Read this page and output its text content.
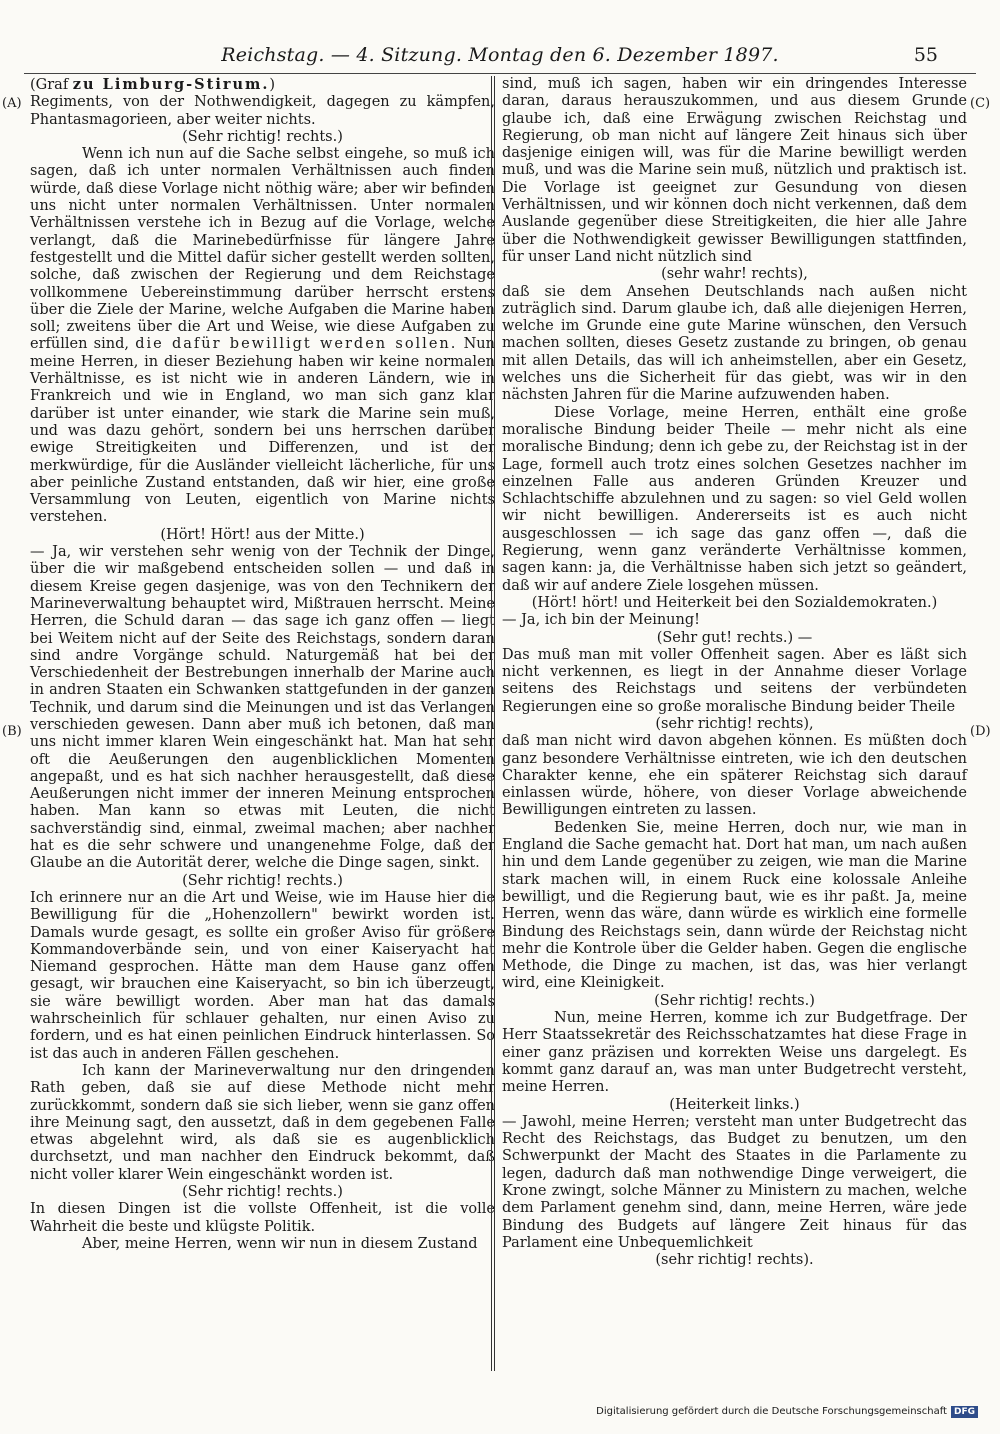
Reichstag. — 4. Sitzung. Montag den 6. Dezember 1897.	55
(A)
(B)
(C)
(D)

(Graf zu Limburg-Stirum.)

Regiments, von der Nothwendigkeit, dagegen zu kämpfen, Phantasmagorieen, aber weiter nichts.

(Sehr richtig! rechts.)

Wenn ich nun auf die Sache selbst eingehe, so muß ich sagen, daß ich unter normalen Verhältnissen auch finden würde, daß diese Vorlage nicht nöthig wäre; aber wir befinden uns nicht unter normalen Verhältnissen. Unter normalen Verhältnissen verstehe ich in Bezug auf die Vorlage, welche verlangt, daß die Marinebedürfnisse für längere Jahre festgestellt und die Mittel dafür sicher gestellt werden sollten, solche, daß zwischen der Regierung und dem Reichstage vollkommene Uebereinstimmung darüber herrscht erstens über die Ziele der Marine, welche Aufgaben die Marine haben soll; zweitens über die Art und Weise, wie diese Aufgaben zu erfüllen sind, die dafür bewilligt werden sollen. Nun meine Herren, in dieser Beziehung haben wir keine normalen Verhältnisse, es ist nicht wie in anderen Ländern, wie in Frankreich und wie in England, wo man sich ganz klar darüber ist unter einander, wie stark die Marine sein muß, und was dazu gehört, sondern bei uns herrschen darüber ewige Streitigkeiten und Differenzen, und ist der merkwürdige, für die Ausländer vielleicht lächerliche, für uns aber peinliche Zustand entstanden, daß wir hier, eine große Versammlung von Leuten, eigentlich von Marine nichts verstehen.

(Hört! Hört! aus der Mitte.)

— Ja, wir verstehen sehr wenig von der Technik der Dinge, über die wir maßgebend entscheiden sollen — und daß in diesem Kreise gegen dasjenige, was von den Technikern der Marineverwaltung behauptet wird, Mißtrauen herrscht. Meine Herren, die Schuld daran — das sage ich ganz offen — liegt bei Weitem nicht auf der Seite des Reichstags, sondern daran sind andre Vorgänge schuld. Naturgemäß hat bei der Verschiedenheit der Bestrebungen innerhalb der Marine auch in andren Staaten ein Schwanken stattgefunden in der ganzen Technik, und darum sind die Meinungen und ist das Verlangen verschieden gewesen. Dann aber muß ich betonen, daß man uns nicht immer klaren Wein eingeschänkt hat. Man hat sehr oft die Aeußerungen den augenblicklichen Momenten angepaßt, und es hat sich nachher herausgestellt, daß diese Aeußerungen nicht immer der inneren Meinung entsprochen haben. Man kann so etwas mit Leuten, die nicht sachverständig sind, einmal, zweimal machen; aber nachher hat es die sehr schwere und unangenehme Folge, daß der Glaube an die Autorität derer, welche die Dinge sagen, sinkt.

(Sehr richtig! rechts.)

Ich erinnere nur an die Art und Weise, wie im Hause hier die Bewilligung für die „Hohenzollern" bewirkt worden ist. Damals wurde gesagt, es sollte ein großer Aviso für größere Kommandoverbände sein, und von einer Kaiseryacht hat Niemand gesprochen. Hätte man dem Hause ganz offen gesagt, wir brauchen eine Kaiseryacht, so bin ich überzeugt, sie wäre bewilligt worden. Aber man hat das damals wahrscheinlich für schlauer gehalten, nur einen Aviso zu fordern, und es hat einen peinlichen Eindruck hinterlassen. So ist das auch in anderen Fällen geschehen.

Ich kann der Marineverwaltung nur den dringenden Rath geben, daß sie auf diese Methode nicht mehr zurückkommt, sondern daß sie sich lieber, wenn sie ganz offen ihre Meinung sagt, den aussetzt, daß in dem gegebenen Falle etwas abgelehnt wird, als daß sie es augenblicklich durchsetzt, und man nachher den Eindruck bekommt, daß nicht voller klarer Wein eingeschänkt worden ist.

(Sehr richtig! rechts.)

In diesen Dingen ist die vollste Offenheit, ist die volle Wahrheit die beste und klügste Politik.

Aber, meine Herren, wenn wir nun in diesem Zustand

sind, muß ich sagen, haben wir ein dringendes Interesse daran, daraus herauszukommen, und aus diesem Grunde glaube ich, daß eine Erwägung zwischen Reichstag und Regierung, ob man nicht auf längere Zeit hinaus sich über dasjenige einigen will, was für die Marine bewilligt werden muß, und was die Marine sein muß, nützlich und praktisch ist. Die Vorlage ist geeignet zur Gesundung von diesen Verhältnissen, und wir können doch nicht verkennen, daß dem Auslande gegenüber diese Streitigkeiten, die hier alle Jahre über die Nothwendigkeit gewisser Bewilligungen stattfinden, für unser Land nicht nützlich sind

(sehr wahr! rechts),

daß sie dem Ansehen Deutschlands nach außen nicht zuträglich sind. Darum glaube ich, daß alle diejenigen Herren, welche im Grunde eine gute Marine wünschen, den Versuch machen sollten, dieses Gesetz zustande zu bringen, ob genau mit allen Details, das will ich anheimstellen, aber ein Gesetz, welches uns die Sicherheit für das giebt, was wir in den nächsten Jahren für die Marine aufzuwenden haben.

Diese Vorlage, meine Herren, enthält eine große moralische Bindung beider Theile — mehr nicht als eine moralische Bindung; denn ich gebe zu, der Reichstag ist in der Lage, formell auch trotz eines solchen Gesetzes nachher im einzelnen Falle aus anderen Gründen Kreuzer und Schlachtschiffe abzulehnen und zu sagen: so viel Geld wollen wir nicht bewilligen. Andererseits ist es auch nicht ausgeschlossen — ich sage das ganz offen —, daß die Regierung, wenn ganz veränderte Verhältnisse kommen, sagen kann: ja, die Verhältnisse haben sich jetzt so geändert, daß wir auf andere Ziele losgehen müssen.

(Hört! hört! und Heiterkeit bei den Sozialdemokraten.)

— Ja, ich bin der Meinung!

(Sehr gut! rechts.) —

Das muß man mit voller Offenheit sagen. Aber es läßt sich nicht verkennen, es liegt in der Annahme dieser Vorlage seitens des Reichstags und seitens der verbündeten Regierungen eine so große moralische Bindung beider Theile

(sehr richtig! rechts),

daß man nicht wird davon abgehen können. Es müßten doch ganz besondere Verhältnisse eintreten, wie ich den deutschen Charakter kenne, ehe ein späterer Reichstag sich darauf einlassen würde, höhere, von dieser Vorlage abweichende Bewilligungen eintreten zu lassen.

Bedenken Sie, meine Herren, doch nur, wie man in England die Sache gemacht hat. Dort hat man, um nach außen hin und dem Lande gegenüber zu zeigen, wie man die Marine stark machen will, in einem Ruck eine kolossale Anleihe bewilligt, und die Regierung baut, wie es ihr paßt. Ja, meine Herren, wenn das wäre, dann würde es wirklich eine formelle Bindung des Reichstags sein, dann würde der Reichstag nicht mehr die Kontrole über die Gelder haben. Gegen die englische Methode, die Dinge zu machen, ist das, was hier verlangt wird, eine Kleinigkeit.

(Sehr richtig! rechts.)

Nun, meine Herren, komme ich zur Budgetfrage. Der Herr Staatssekretär des Reichsschatzamtes hat diese Frage in einer ganz präzisen und korrekten Weise uns dargelegt. Es kommt ganz darauf an, was man unter Budgetrecht versteht, meine Herren.

(Heiterkeit links.)

— Jawohl, meine Herren; versteht man unter Budgetrecht das Recht des Reichstags, das Budget zu benutzen, um den Schwerpunkt der Macht des Staates in die Parlamente zu legen, dadurch daß man nothwendige Dinge verweigert, die Krone zwingt, solche Männer zu Ministern zu machen, welche dem Parlament genehm sind, dann, meine Herren, wäre jede Bindung des Budgets auf längere Zeit hinaus für das Parlament eine Unbequemlichkeit

(sehr richtig! rechts).

Digitalisierung gefördert durch die Deutsche Forschungsgemeinschaft DFG
